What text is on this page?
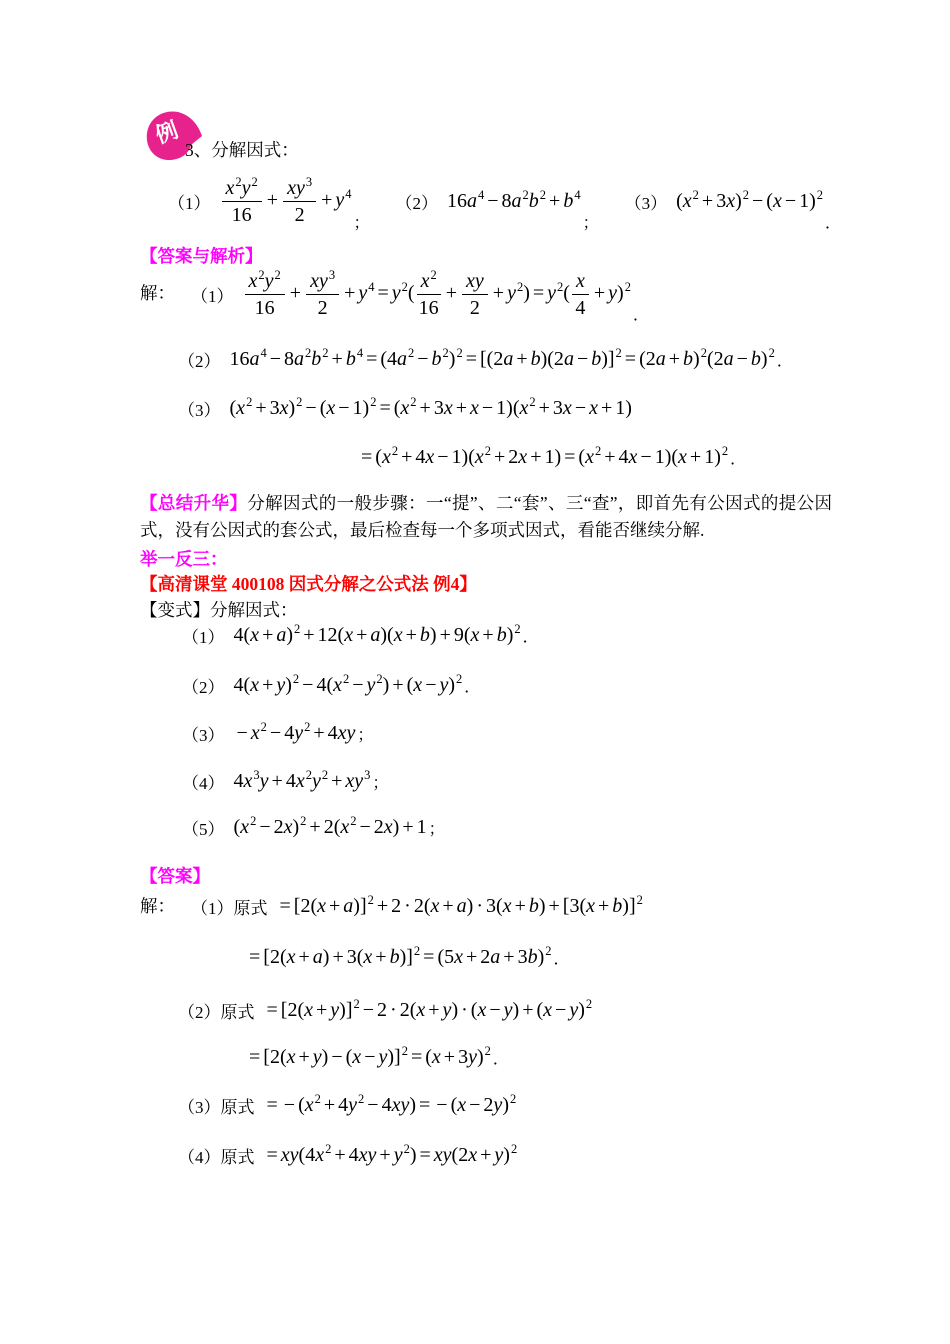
例
3、分解因式：
$(1) \frac{x^2y^2}{16} + \frac{xy^3}{2} + y^4$
；
（2） $16a^4 - 8a^2b^2 + b^4$
；
（3） $(x^2 + 3x)^2 - (x - 1)^2$
．
【答案与解析】
解： $(1) \frac{x^2y^2}{16} + \frac{xy^3}{2} + y^4 = y^2( \frac{x^2}{16} + \frac{xy}{2} + y^2) = y^2( \frac{x}{4} + y)^2$
．
（2） $16a^4 - 8a^2b^2 + b^4 = (4a^2 - b^2)^2 = [(2a + b)(2a - b)]^2 = (2a + b)^2(2a - b)^2$ ．
（3） $(x^2 + 3x)^2 - (x - 1)^2 = (x^2 + 3x + x - 1)(x^2 + 3x - x + 1)$
= $(x^2 + 4x - 1)(x^2 + 2x + 1) = (x^2 + 4x - 1)(x + 1)^2$ ．
【总结升华】分解因式的一般步骤：一“提”、二“套”、三“查”，即首先有公因式的提公因式，没有公因式的套公式，最后检查每一个多项式因式，看能否继续分解.
举一反三：
【高清课堂 400108 因式分解之公式法 例4】
【变式】分解因式：
（1） $4(x + a)^2 + 12(x + a)(x + b) + 9(x + b)^2$ ．
（2） $4(x + y)^2 - 4(x^2 - y^2) + (x - y)^2$ ．
$(3) - x^2 - 4y^2 + 4xy$ ；
（4） $4x^3y + 4x^2y^2 + xy^3$ ；
（5） $(x^2 - 2x)^2 + 2(x^2 - 2x) + 1$ ；
【答案】
解： （1）原式 = $[2(x + a)]^2 + 2 \cdot 2(x + a) \cdot 3(x + b) + [3(x + b)]^2$
= $[2(x + a) + 3(x + b)]^2 = (5x + 2a + 3b)^2$ ．
（2）原式 = $[2(x + y)]^2 - 2 \cdot 2(x + y) \cdot (x - y) + (x - y)^2$
= $[2(x + y) - (x - y)]^2 = (x + 3y)^2$ ．
（3）原式 = − $(x^2 + 4y^2 - 4xy)$ = − $(x - 2y)^2$
（4）原式 = $xy(4x^2 + 4xy + y^2) = xy(2x + y)^2$
